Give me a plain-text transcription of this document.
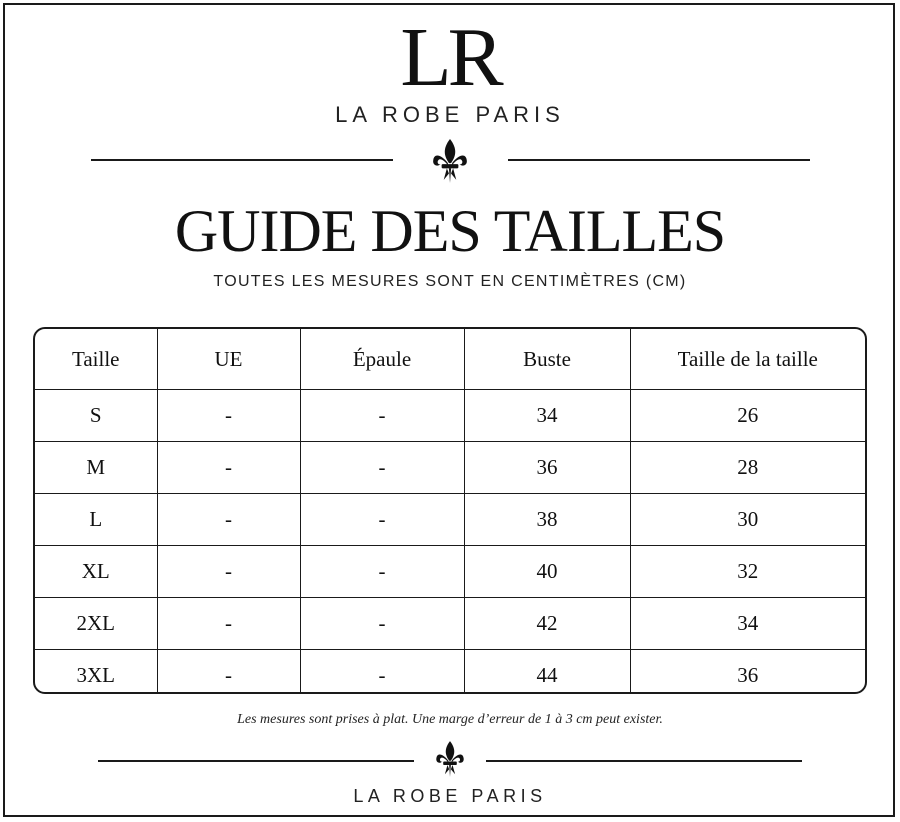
LR
LA ROBE PARIS
GUIDE DES TAILLES
TOUTES LES MESURES SONT EN CENTIMÈTRES (CM)
Taille	UE	Épaule	Buste	Taille de la taille
S	-	-	34	26
M	-	-	36	28
L	-	-	38	30
XL	-	-	40	32
2XL	-	-	42	34
3XL	-	-	44	36
Les mesures sont prises à plat. Une marge d’erreur de 1 à 3 cm peut exister.
LA ROBE PARIS
